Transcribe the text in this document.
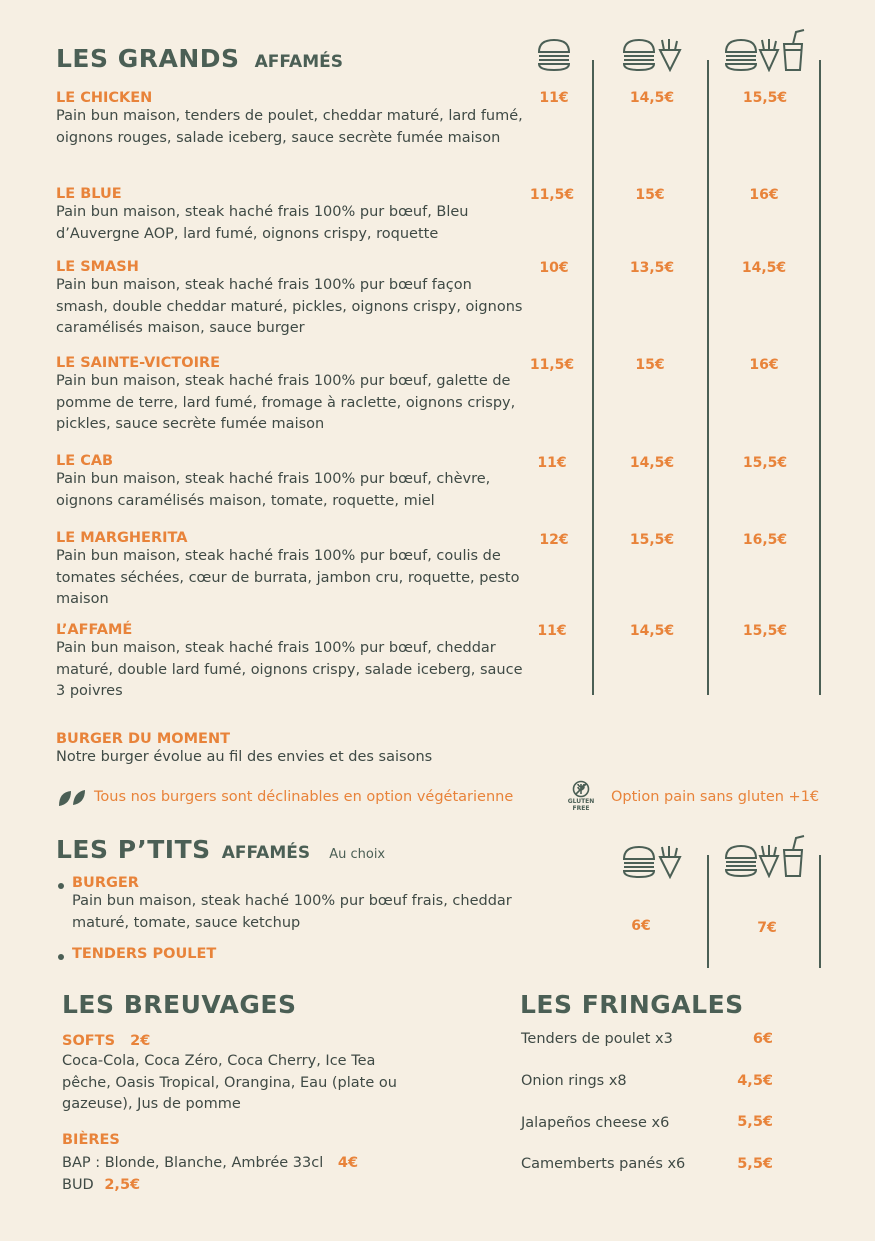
LES GRANDS AFFAMÉS
LE CHICKEN
Pain bun maison, tenders de poulet, cheddar maturé, lard fumé, oignons rouges, salade iceberg, sauce secrète fumée maison
11€	14,5€	15,5€
LE BLUE
Pain bun maison, steak haché frais 100% pur bœuf, Bleu d’Auvergne AOP, lard fumé, oignons crispy, roquette
11,5€	15€	16€
LE SMASH
Pain bun maison, steak haché frais 100% pur bœuf façon smash, double cheddar maturé, pickles, oignons crispy, oignons caramélisés maison, sauce burger
10€	13,5€	14,5€
LE SAINTE-VICTOIRE
Pain bun maison, steak haché frais 100% pur bœuf, galette de pomme de terre, lard fumé, fromage à raclette, oignons crispy, pickles, sauce secrète fumée maison
11,5€	15€	16€
LE CAB
Pain bun maison, steak haché frais 100% pur bœuf, chèvre, oignons caramélisés maison, tomate, roquette, miel
11€	14,5€	15,5€
LE MARGHERITA
Pain bun maison, steak haché frais 100% pur bœuf, coulis de tomates séchées, cœur de burrata, jambon cru, roquette, pesto maison
12€	15,5€	16,5€
L’AFFAMÉ
Pain bun maison, steak haché frais 100% pur bœuf, cheddar maturé, double lard fumé, oignons crispy, salade iceberg, sauce 3 poivres
11€	14,5€	15,5€
BURGER DU MOMENT
Notre burger évolue au fil des envies et des saisons
Tous nos burgers sont déclinables en option végétarienne	GLUTEN
FREE
Option pain sans gluten +1€
LES P’TITS AFFAMÉS Au choix
BURGER
Pain bun maison, steak haché 100% pur bœuf frais, cheddar maturé, tomate, sauce ketchup
TENDERS POULET
6€	7€
LES BREUVAGES
SOFTS 2€
Coca-Cola, Coca Zéro, Coca Cherry, Ice Tea pêche, Oasis Tropical, Orangina, Eau (plate ou gazeuse), Jus de pomme
BIÈRES
BAP : Blonde, Blanche, Ambrée 33cl 4€
BUD 2,5€
LES FRINGALES
Tenders de poulet x3	6€
Onion rings x8	4,5€
Jalapeños cheese x6	5,5€
Camemberts panés x6	5,5€
